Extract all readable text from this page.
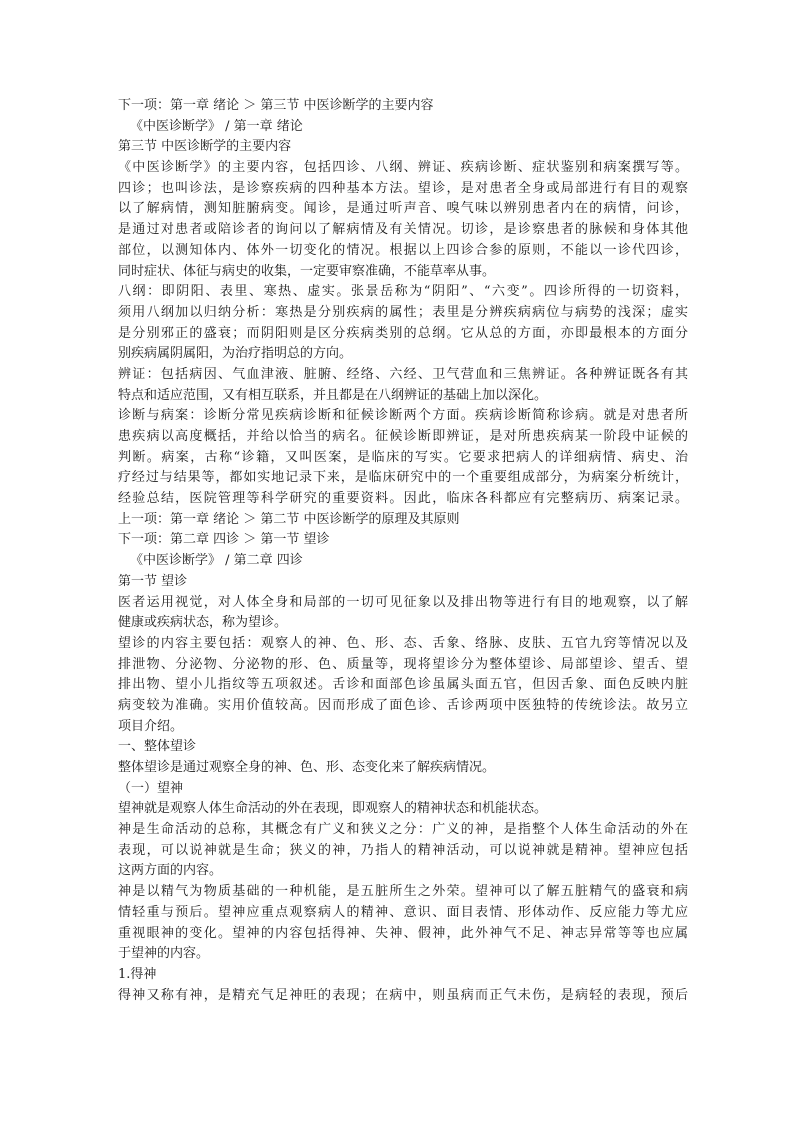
下一项：第一章 绪论 ＞ 第三节 中医诊断学的主要内容
《中医诊断学》 / 第一章 绪论
第三节 中医诊断学的主要内容
《中医诊断学》的主要内容，包括四诊、八纲、辨证、疾病诊断、症状鉴别和病案撰写等。
四诊；也叫诊法，是诊察疾病的四种基本方法。望诊，是对患者全身或局部进行有目的观察
以了解病情，测知脏腑病变。闻诊，是通过听声音、嗅气味以辨别患者内在的病情，问诊，
是通过对患者或陪诊者的询问以了解病情及有关情况。切诊，是诊察患者的脉候和身体其他
部位，以测知体内、体外一切变化的情况。根据以上四诊合参的原则，不能以一诊代四诊，
同时症状、体征与病史的收集，一定要审察准确，不能草率从事。
八纲：即阴阳、表里、寒热、虚实。张景岳称为“阴阳”、“六变”。四诊所得的一切资料，
须用八纲加以归纳分析：寒热是分别疾病的属性；表里是分辨疾病病位与病势的浅深；虚实
是分别邪正的盛衰；而阴阳则是区分疾病类别的总纲。它从总的方面，亦即最根本的方面分
别疾病属阴属阳，为治疗指明总的方向。
辨证：包括病因、气血津液、脏腑、经络、六经、卫气营血和三焦辨证。各种辨证既各有其
特点和适应范围，又有相互联系，并且都是在八纲辨证的基础上加以深化。
诊断与病案：诊断分常见疾病诊断和征候诊断两个方面。疾病诊断简称诊病。就是对患者所
患疾病以高度概括，并给以恰当的病名。征候诊断即辨证，是对所患疾病某一阶段中证候的
判断。病案，古称“诊籍，又叫医案，是临床的写实。它要求把病人的详细病情、病史、治
疗经过与结果等，都如实地记录下来，是临床研究中的一个重要组成部分，为病案分析统计，
经验总结，医院管理等科学研究的重要资料。因此，临床各科都应有完整病历、病案记录。
上一项：第一章 绪论 ＞ 第二节 中医诊断学的原理及其原则
下一项：第二章 四诊 ＞ 第一节 望诊
《中医诊断学》 / 第二章 四诊
第一节 望诊
医者运用视觉，对人体全身和局部的一切可见征象以及排出物等进行有目的地观察，以了解
健康或疾病状态，称为望诊。
望诊的内容主要包括：观察人的神、色、形、态、舌象、络脉、皮肤、五官九窍等情况以及
排泄物、分泌物、分泌物的形、色、质量等，现将望诊分为整体望诊、局部望诊、望舌、望
排出物、望小儿指纹等五项叙述。舌诊和面部色诊虽属头面五官，但因舌象、面色反映内脏
病变较为准确。实用价值较高。因而形成了面色诊、舌诊两项中医独特的传统诊法。故另立
项目介绍。
一、整体望诊
整体望诊是通过观察全身的神、色、形、态变化来了解疾病情况。
（一）望神
望神就是观察人体生命活动的外在表现，即观察人的精神状态和机能状态。
神是生命活动的总称，其概念有广义和狭义之分：广义的神，是指整个人体生命活动的外在
表现，可以说神就是生命；狭义的神，乃指人的精神活动，可以说神就是精神。望神应包括
这两方面的内容。
神是以精气为物质基础的一种机能，是五脏所生之外荣。望神可以了解五脏精气的盛衰和病
情轻重与预后。望神应重点观察病人的精神、意识、面目表情、形体动作、反应能力等尤应
重视眼神的变化。望神的内容包括得神、失神、假神，此外神气不足、神志异常等等也应属
于望神的内容。
1.得神
得神又称有神，是精充气足神旺的表现；在病中，则虽病而正气未伤，是病轻的表现，预后
